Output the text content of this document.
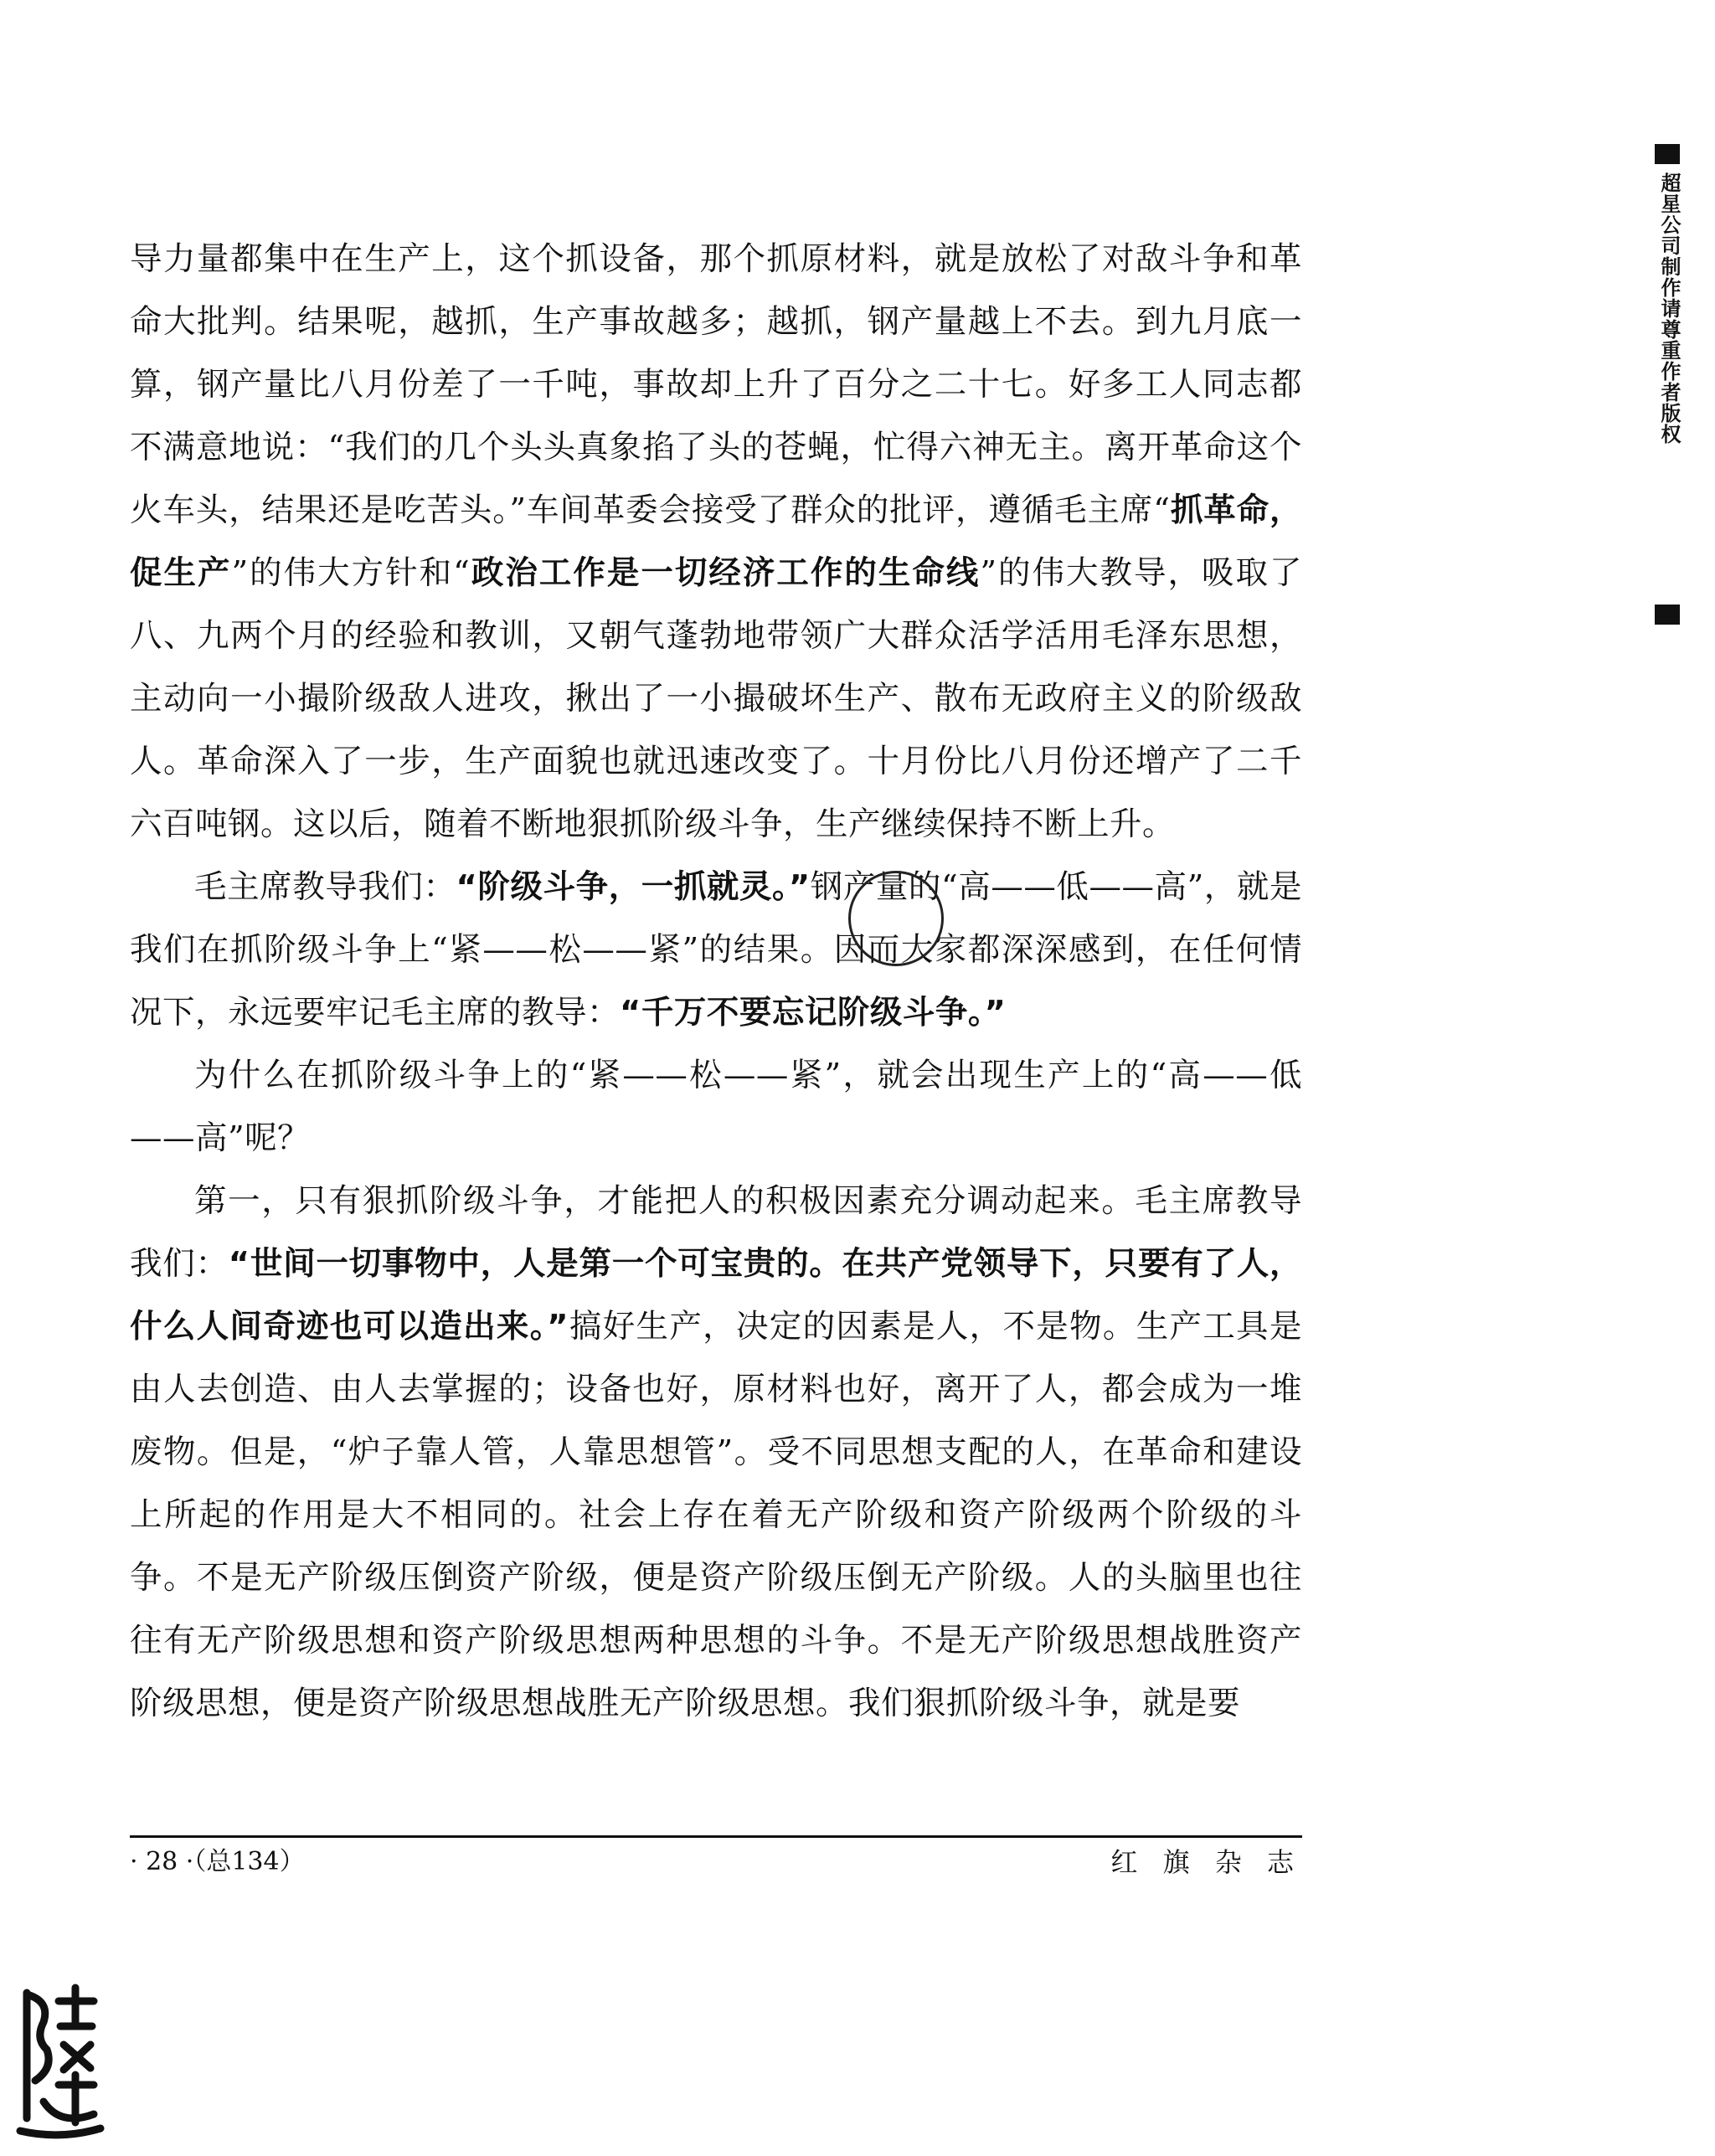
导力量都集中在生产上，这个抓设备，那个抓原材料，就是放松了对敌斗争和革命大批判。结果呢，越抓，生产事故越多；越抓，钢产量越上不去。到九月底一算，钢产量比八月份差了一千吨，事故却上升了百分之二十七。好多工人同志都不满意地说：“我们的几个头头真象掐了头的苍蝇，忙得六神无主。离开革命这个火车头，结果还是吃苦头。”车间革委会接受了群众的批评，遵循毛主席“抓革命，促生产”的伟大方针和“政治工作是一切经济工作的生命线”的伟大教导，吸取了八、九两个月的经验和教训，又朝气蓬勃地带领广大群众活学活用毛泽东思想，主动向一小撮阶级敌人进攻，揪出了一小撮破坏生产、散布无政府主义的阶级敌人。革命深入了一步，生产面貌也就迅速改变了。十月份比八月份还增产了二千六百吨钢。这以后，随着不断地狠抓阶级斗争，生产继续保持不断上升。

毛主席教导我们：“阶级斗争，一抓就灵。”钢产量的“高——低——高”，就是我们在抓阶级斗争上“紧——松——紧”的结果。因而大家都深深感到，在任何情况下，永远要牢记毛主席的教导：“千万不要忘记阶级斗争。”

为什么在抓阶级斗争上的“紧——松——紧”，就会出现生产上的“高——低——高”呢？

第一，只有狠抓阶级斗争，才能把人的积极因素充分调动起来。毛主席教导我们：“世间一切事物中，人是第一个可宝贵的。在共产党领导下，只要有了人，什么人间奇迹也可以造出来。”搞好生产，决定的因素是人，不是物。生产工具是由人去创造、由人去掌握的；设备也好，原材料也好，离开了人，都会成为一堆废物。但是，“炉子靠人管，人靠思想管”。受不同思想支配的人，在革命和建设上所起的作用是大不相同的。社会上存在着无产阶级和资产阶级两个阶级的斗争。不是无产阶级压倒资产阶级，便是资产阶级压倒无产阶级。人的头脑里也往往有无产阶级思想和资产阶级思想两种思想的斗争。不是无产阶级思想战胜资产阶级思想，便是资产阶级思想战胜无产阶级思想。我们狠抓阶级斗争，就是要

· 28 ·（总134）	红 旗 杂 志
超星公司制作请尊重作者版权
